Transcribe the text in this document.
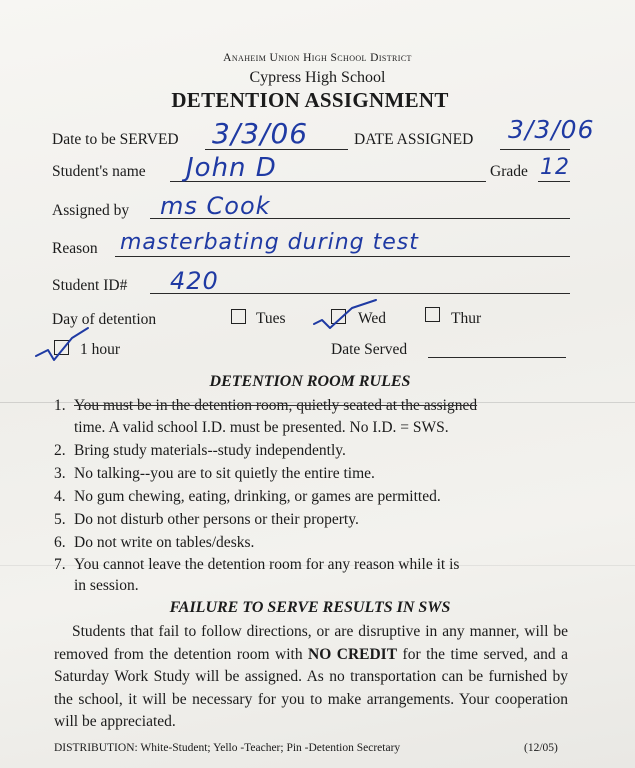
Anaheim Union High School District
Cypress High School
DETENTION ASSIGNMENT
Date to be SERVED 3/3/06	DATE ASSIGNED 3/3/06
Student's name John D	Grade 12
Assigned by ms Cook
Reason masterbating during test
Student ID# 420
Day of detention	Tues	Wed	Thur
1 hour	Date Served
DETENTION ROOM RULES
1. You must be in the detention room, quietly seated at the assigned
time. A valid school I.D. must be presented. No I.D. = SWS.
2. Bring study materials--study independently.
3. No talking--you are to sit quietly the entire time.
4. No gum chewing, eating, drinking, or games are permitted.
5. Do not disturb other persons or their property.
6. Do not write on tables/desks.
7. You cannot leave the detention room for any reason while it is
in session.
FAILURE TO SERVE RESULTS IN SWS

Students that fail to follow directions, or are disruptive in any manner, will be removed from the detention room with NO CREDIT for the time served, and a Saturday Work Study will be assigned. As no transportation can be furnished by the school, it will be necessary for you to make arrangements. Your cooperation will be appreciated.

DISTRIBUTION: White-Student; Yello -Teacher; Pin -Detention Secretary	(12/05)
